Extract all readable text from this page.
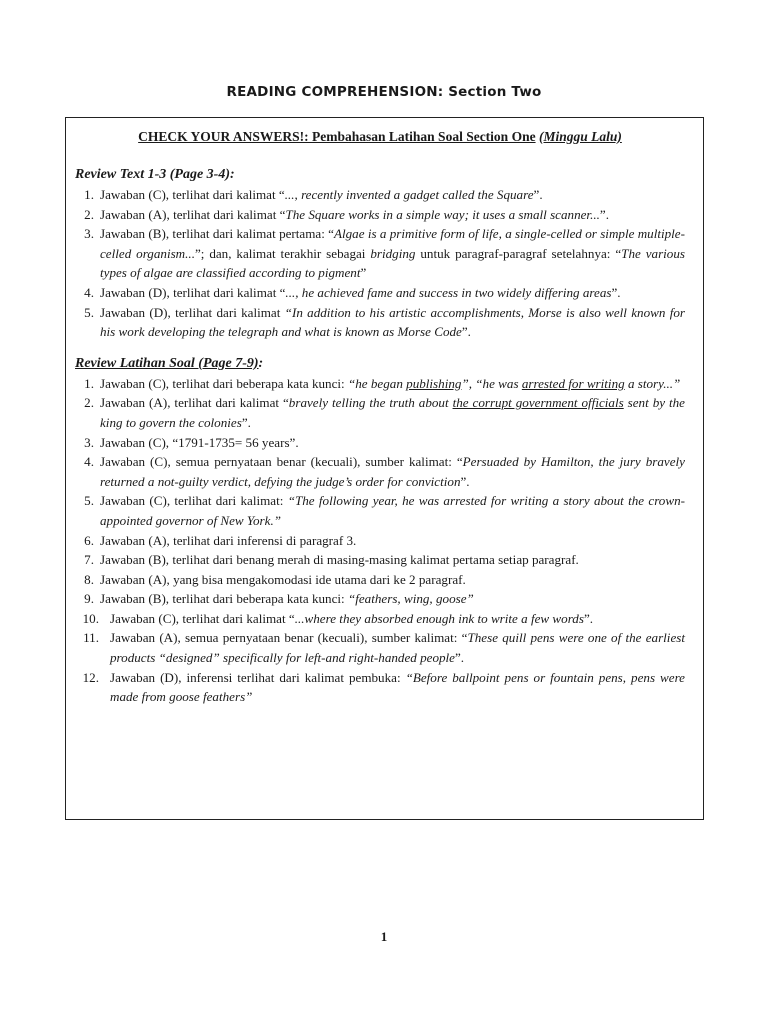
READING COMPREHENSION: Section Two
CHECK YOUR ANSWERS!: Pembahasan Latihan Soal Section One (Minggu Lalu)
Review Text 1-3 (Page 3-4):
1. Jawaban (C), terlihat dari kalimat “..., recently invented a gadget called the Square”.
2. Jawaban (A), terlihat dari kalimat “The Square works in a simple way; it uses a small scanner...”.
3. Jawaban (B), terlihat dari kalimat pertama: “Algae is a primitive form of life, a single-celled or simple multiple-celled organism...”; dan, kalimat terakhir sebagai bridging untuk paragraf-paragraf setelahnya: “The various types of algae are classified according to pigment”
4. Jawaban (D), terlihat dari kalimat “..., he achieved fame and success in two widely differing areas”.
5. Jawaban (D), terlihat dari kalimat “In addition to his artistic accomplishments, Morse is also well known for his work developing the telegraph and what is known as Morse Code”.
Review Latihan Soal (Page 7-9):
1. Jawaban (C), terlihat dari beberapa kata kunci: “he began publishing”, “he was arrested for writing a story...”
2. Jawaban (A), terlihat dari kalimat “bravely telling the truth about the corrupt government officials sent by the king to govern the colonies”.
3. Jawaban (C), “1791-1735= 56 years”.
4. Jawaban (C), semua pernyataan benar (kecuali), sumber kalimat: “Persuaded by Hamilton, the jury bravely returned a not-guilty verdict, defying the judge’s order for conviction”.
5. Jawaban (C), terlihat dari kalimat: “The following year, he was arrested for writing a story about the crown-appointed governor of New York.”
6. Jawaban (A), terlihat dari inferensi di paragraf 3.
7. Jawaban (B), terlihat dari benang merah di masing-masing kalimat pertama setiap paragraf.
8. Jawaban (A), yang bisa mengakomodasi ide utama dari ke 2 paragraf.
9. Jawaban (B), terlihat dari beberapa kata kunci: “feathers, wing, goose”
10. Jawaban (C), terlihat dari kalimat “...where they absorbed enough ink to write a few words”.
11. Jawaban (A), semua pernyataan benar (kecuali), sumber kalimat: “These quill pens were one of the earliest products “designed” specifically for left-and right-handed people”.
12. Jawaban (D), inferensi terlihat dari kalimat pembuka: “Before ballpoint pens or fountain pens, pens were made from goose feathers”
1
